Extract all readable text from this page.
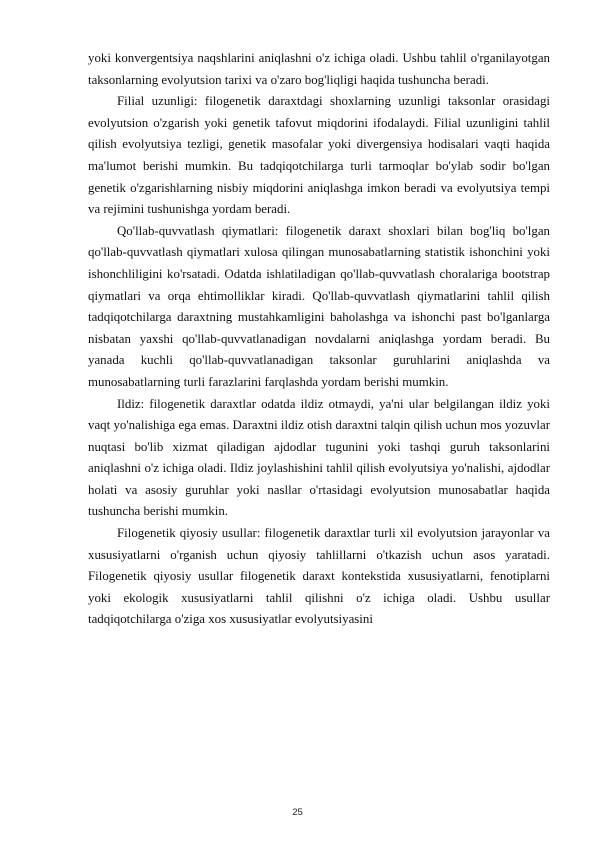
yoki konvergentsiya naqshlarini aniqlashni o'z ichiga oladi. Ushbu tahlil o'rganilayotgan taksonlarning evolyutsion tarixi va o'zaro bog'liqligi haqida tushuncha beradi.

Filial uzunligi: filogenetik daraxtdagi shoxlarning uzunligi taksonlar orasidagi evolyutsion o'zgarish yoki genetik tafovut miqdorini ifodalaydi. Filial uzunligini tahlil qilish evolyutsiya tezligi, genetik masofalar yoki divergensiya hodisalari vaqti haqida ma'lumot berishi mumkin. Bu tadqiqotchilarga turli tarmoqlar bo'ylab sodir bo'lgan genetik o'zgarishlarning nisbiy miqdorini aniqlashga imkon beradi va evolyutsiya tempi va rejimini tushunishga yordam beradi.

Qo'llab-quvvatlash qiymatlari: filogenetik daraxt shoxlari bilan bog'liq bo'lgan qo'llab-quvvatlash qiymatlari xulosa qilingan munosabatlarning statistik ishonchini yoki ishonchliligini ko'rsatadi. Odatda ishlatiladigan qo'llab-quvvatlash choralariga bootstrap qiymatlari va orqa ehtimolliklar kiradi. Qo'llab-quvvatlash qiymatlarini tahlil qilish tadqiqotchilarga daraxtning mustahkamligini baholashga va ishonchi past bo'lganlarga nisbatan yaxshi qo'llab-quvvatlanadigan novdalarni aniqlashga yordam beradi. Bu yanada kuchli qo'llab-quvvatlanadigan taksonlar guruhlarini aniqlashda va munosabatlarning turli farazlarini farqlashda yordam berishi mumkin.

Ildiz: filogenetik daraxtlar odatda ildiz otmaydi, ya'ni ular belgilangan ildiz yoki vaqt yo'nalishiga ega emas. Daraxtni ildiz otish daraxtni talqin qilish uchun mos yozuvlar nuqtasi bo'lib xizmat qiladigan ajdodlar tugunini yoki tashqi guruh taksonlarini aniqlashni o'z ichiga oladi. Ildiz joylashishini tahlil qilish evolyutsiya yo'nalishi, ajdodlar holati va asosiy guruhlar yoki nasllar o'rtasidagi evolyutsion munosabatlar haqida tushuncha berishi mumkin.

Filogenetik qiyosiy usullar: filogenetik daraxtlar turli xil evolyutsion jarayonlar va xususiyatlarni o'rganish uchun qiyosiy tahlillarni o'tkazish uchun asos yaratadi. Filogenetik qiyosiy usullar filogenetik daraxt kontekstida xususiyatlarni, fenotiplarni yoki ekologik xususiyatlarni tahlil qilishni o'z ichiga oladi. Ushbu usullar tadqiqotchilarga o'ziga xos xususiyatlar evolyutsiyasini

25
